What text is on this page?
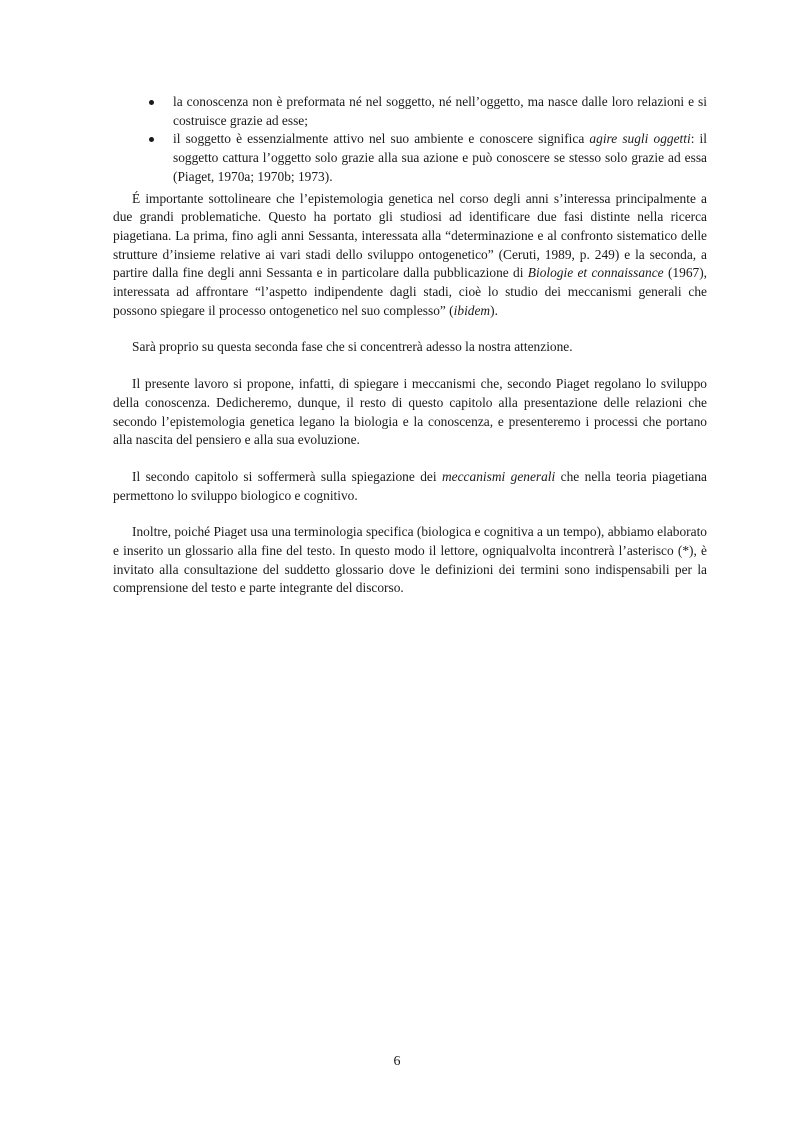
la conoscenza non è preformata né nel soggetto, né nell’oggetto, ma nasce dalle loro relazioni e si costruisce grazie ad esse;
il soggetto è essenzialmente attivo nel suo ambiente e conoscere significa agire sugli oggetti: il soggetto cattura l’oggetto solo grazie alla sua azione e può conoscere se stesso solo grazie ad essa (Piaget, 1970a; 1970b; 1973).

É importante sottolineare che l’epistemologia genetica nel corso degli anni s’interessa principalmente a due grandi problematiche. Questo ha portato gli studiosi ad identificare due fasi distinte nella ricerca piagetiana. La prima, fino agli anni Sessanta, interessata alla “determinazione e al confronto sistematico delle strutture d’insieme relative ai vari stadi dello sviluppo ontogenetico” (Ceruti, 1989, p. 249) e la seconda, a partire dalla fine degli anni Sessanta e in particolare dalla pubblicazione di Biologie et connaissance (1967), interessata ad affrontare “l’aspetto indipendente dagli stadi, cioè lo studio dei meccanismi generali che possono spiegare il processo ontogenetico nel suo complesso” (ibidem).

Sarà proprio su questa seconda fase che si concentrerà adesso la nostra attenzione.

Il presente lavoro si propone, infatti, di spiegare i meccanismi che, secondo Piaget regolano lo sviluppo della conoscenza. Dedicheremo, dunque, il resto di questo capitolo alla presentazione delle relazioni che secondo l’epistemologia genetica legano la biologia e la conoscenza, e presenteremo i processi che portano alla nascita del pensiero e alla sua evoluzione.

Il secondo capitolo si soffermerà sulla spiegazione dei meccanismi generali che nella teoria piagetiana permettono lo sviluppo biologico e cognitivo.

Inoltre, poiché Piaget usa una terminologia specifica (biologica e cognitiva a un tempo), abbiamo elaborato e inserito un glossario alla fine del testo. In questo modo il lettore, ogniqualvolta incontrerà l’asterisco (*), è invitato alla consultazione del suddetto glossario dove le definizioni dei termini sono indispensabili per la comprensione del testo e parte integrante del discorso.

6
